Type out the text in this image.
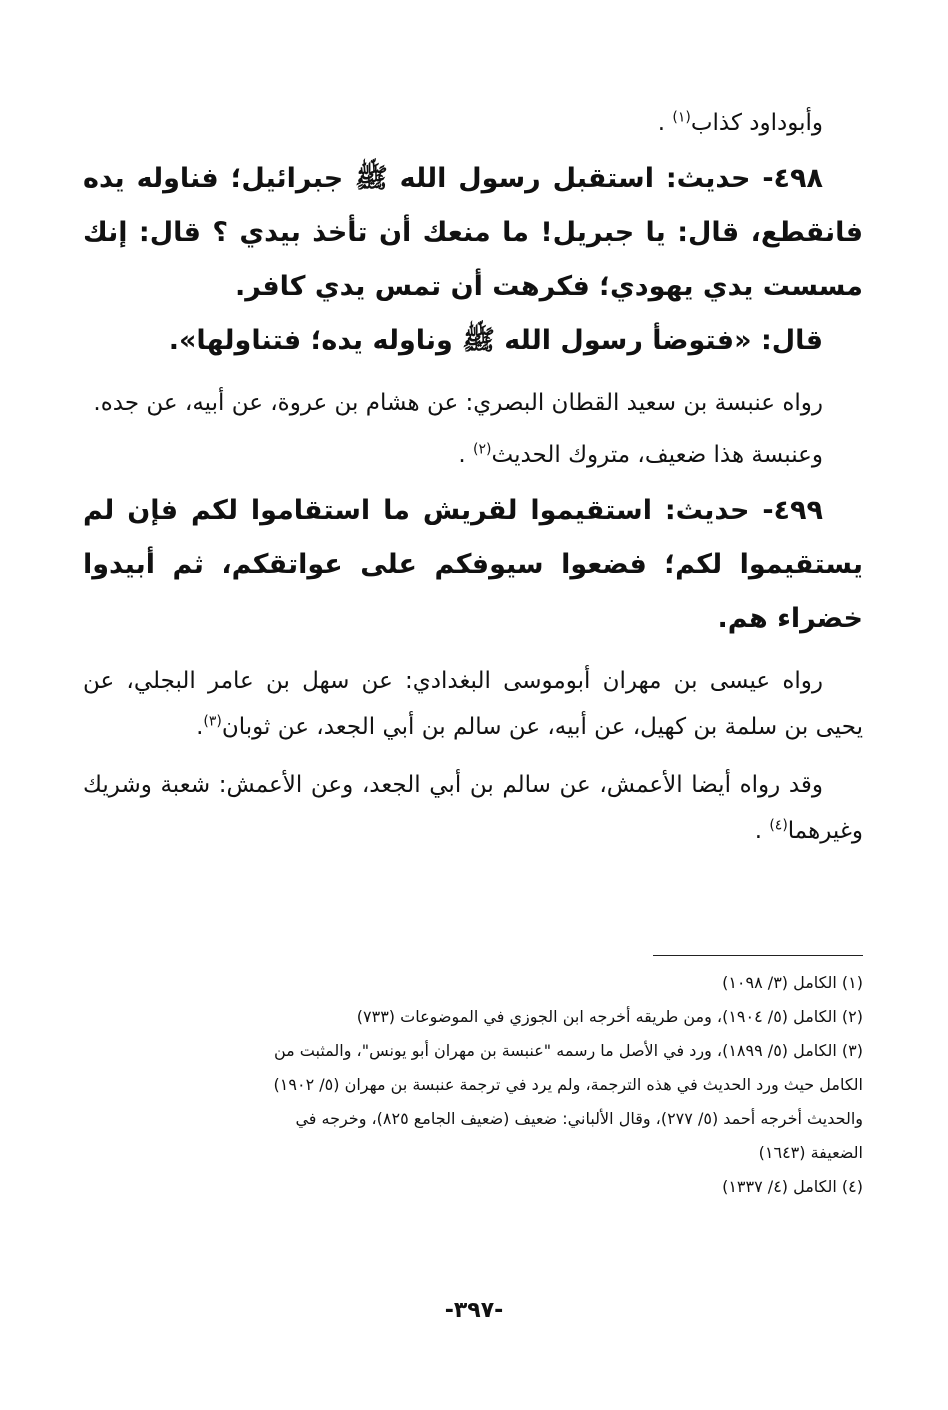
وأبوداود كذاب$^{(١)}$ .

٤٩٨- حديث: استقبل رسول الله ﷺ جبرائيل؛ فناوله يده فانقطع، قال: يا جبريل! ما منعك أن تأخذ بيدي ؟ قال: إنك مسست يدي يهودي؛ فكرهت أن تمس يدي كافر.

قال: «فتوضأ رسول الله ﷺ وناوله يده؛ فتناولها».

رواه عنبسة بن سعيد القطان البصري: عن هشام بن عروة، عن أبيه، عن جده.

وعنبسة هذا ضعيف، متروك الحديث$^{(٢)}$ .

٤٩٩- حديث: استقيموا لقريش ما استقاموا لكم فإن لم يستقيموا لكم؛ فضعوا سيوفكم على عواتقكم، ثم أبيدوا خضراء هم.

رواه عيسى بن مهران أبوموسى البغدادي: عن سهل بن عامر البجلي، عن يحيى بن سلمة بن كهيل، عن أبيه، عن سالم بن أبي الجعد، عن ثوبان$^{(٣)}$.

وقد رواه أيضا الأعمش، عن سالم بن أبي الجعد، وعن الأعمش: شعبة وشريك وغيرهما$^{(٤)}$ .

(١) الكامل (٣/ ١٠٩٨)

(٢) الكامل (٥/ ١٩٠٤)، ومن طريقه أخرجه ابن الجوزي في الموضوعات (٧٣٣)

(٣) الكامل (٥/ ١٨٩٩)، ورد في الأصل ما رسمه "عنبسة بن مهران أبو يونس"، والمثبت من

الكامل حيث ورد الحديث في هذه الترجمة، ولم يرد في ترجمة عنبسة بن مهران (٥/ ١٩٠٢)

والحديث أخرجه أحمد (٥/ ٢٧٧)، وقال الألباني: ضعيف (ضعيف الجامع ٨٢٥)، وخرجه في

الضعيفة (١٦٤٣)

(٤) الكامل (٤/ ١٣٣٧)

-٣٩٧-
